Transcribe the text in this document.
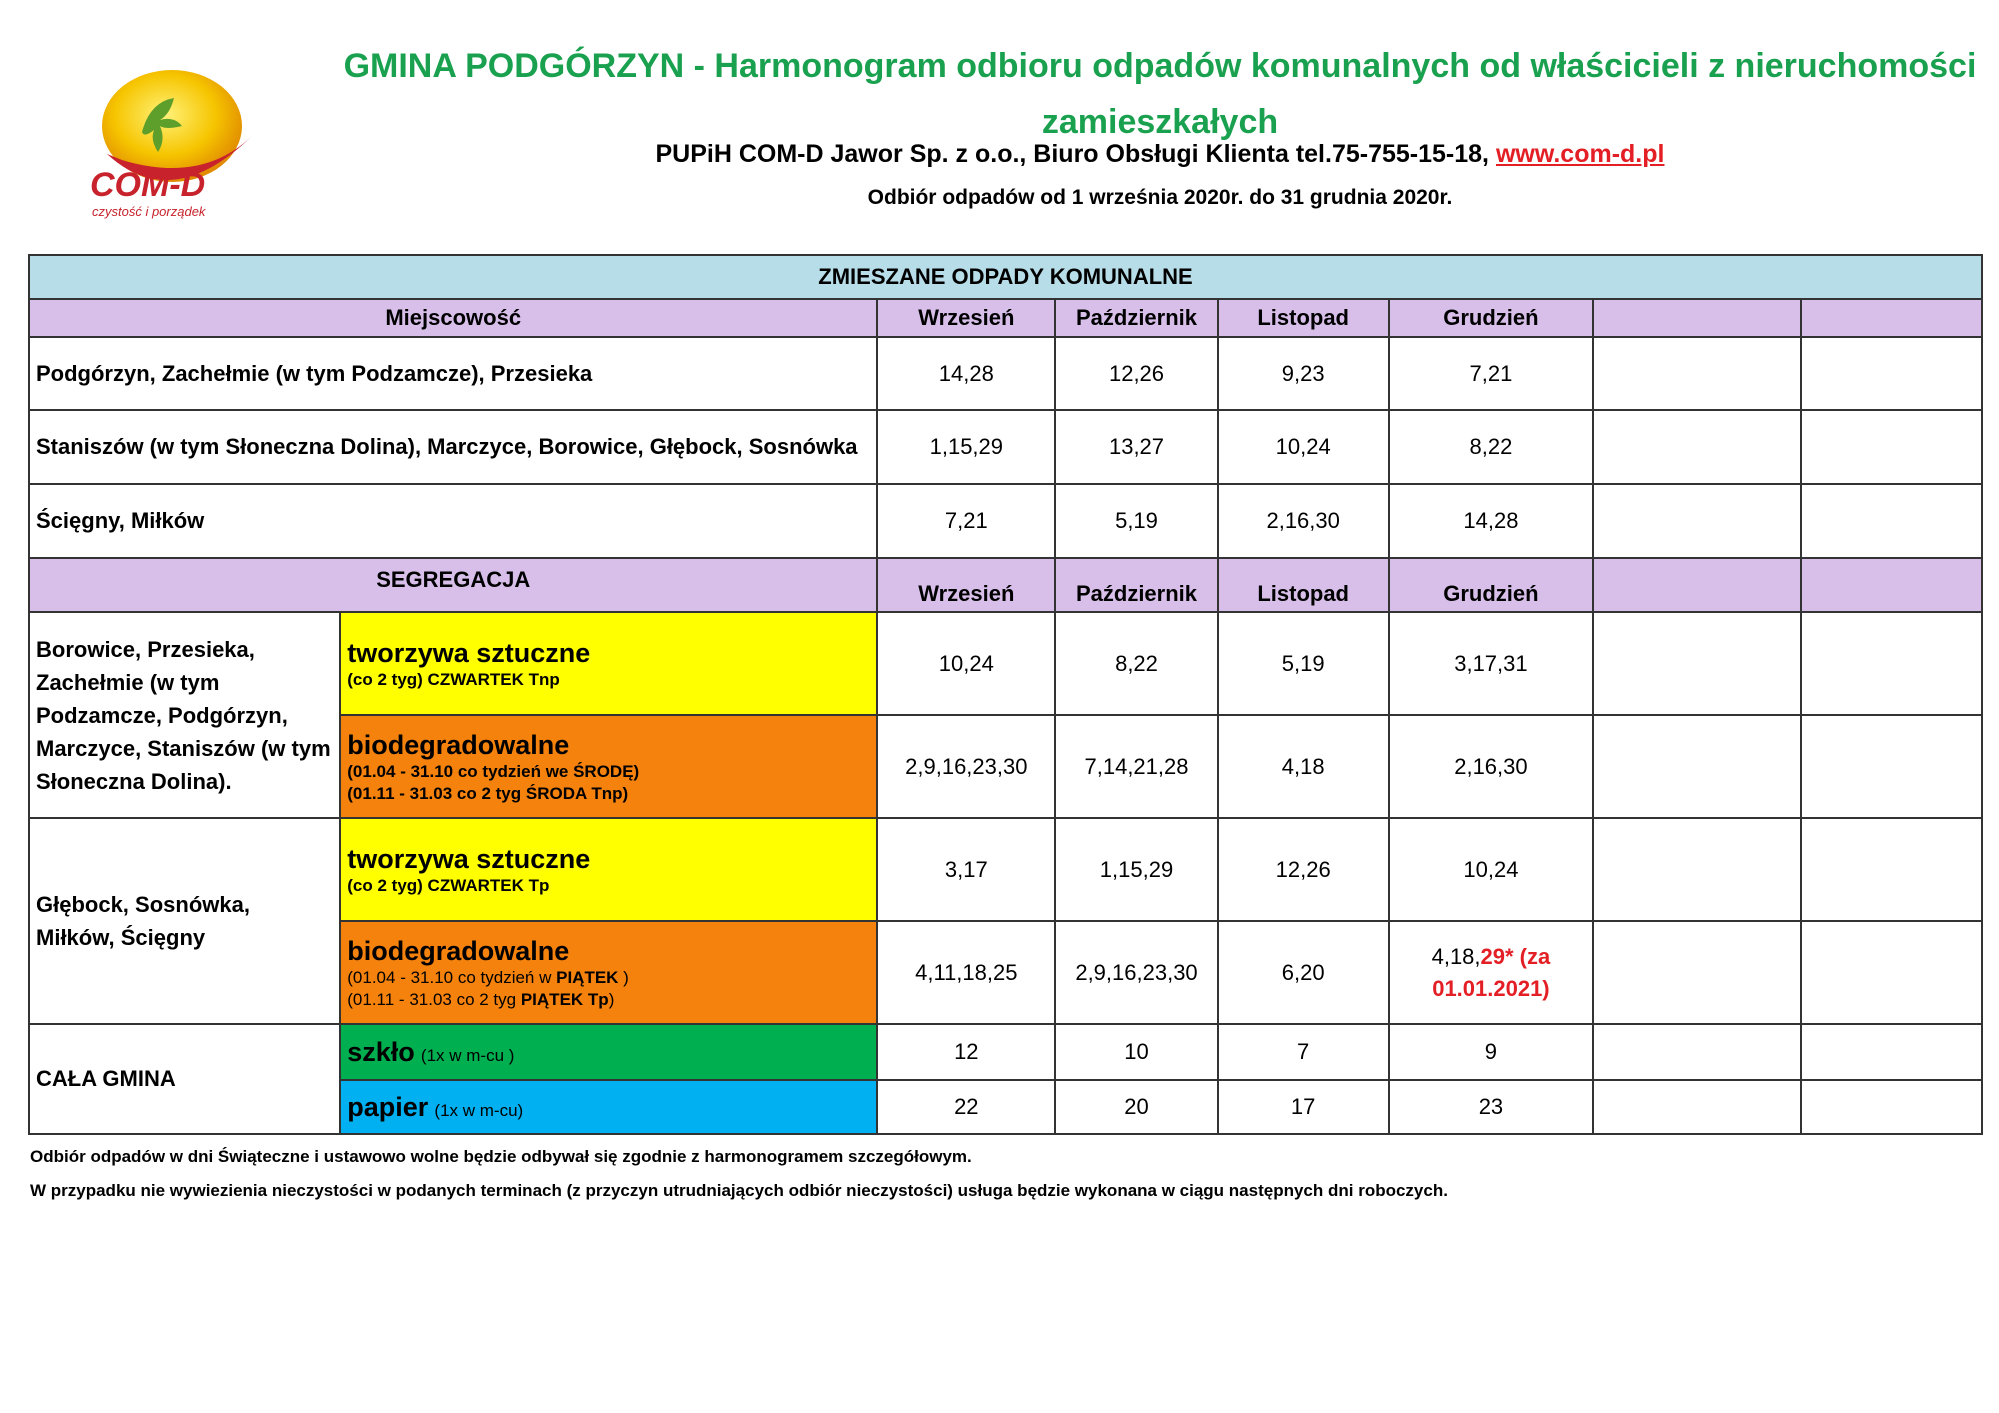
COM-D
czystość i porządek
GMINA PODGÓRZYN - Harmonogram odbioru odpadów komunalnych od właścicieli z nieruchomości
zamieszkałych
PUPiH COM-D Jawor Sp. z o.o., Biuro Obsługi Klienta tel.75-755-15-18, www.com-d.pl
Odbiór odpadów od 1 września 2020r. do 31 grudnia 2020r.
ZMIESZANE ODPADY KOMUNALNE							
Miejscowość		Wrzesień	Październik	Listopad	Grudzień		
Podgórzyn, Zachełmie (w tym Podzamcze), Przesieka		14,28	12,26	9,23	7,21		
Staniszów (w tym Słoneczna Dolina), Marczyce, Borowice, Głębock, Sosnówka		1,15,29	13,27	10,24	8,22		
Ścięgny, Miłków		7,21	5,19	2,16,30	14,28		
SEGREGACJA		Wrzesień	Październik	Listopad	Grudzień		
Borowice, Przesieka, Zachełmie (w tym Podzamcze, Podgórzyn, Marczyce, Staniszów (w tym Słoneczna Dolina).	tworzywa sztuczne
(co 2 tyg) CZWARTEK Tnp	10,24	8,22	5,19	3,17,31		

	biodegradowalne
(01.04 - 31.10 co tydzień we ŚRODĘ)
(01.11 - 31.03 co 2 tyg ŚRODA Tnp)	2,9,16,23,30	7,14,21,28	4,18	2,16,30		
Głębock, Sosnówka, Miłków, Ścięgny	tworzywa sztuczne
(co 2 tyg) CZWARTEK Tp	3,17	1,15,29	12,26	10,24		

	biodegradowalne
(01.04 - 31.10 co tydzień w PIĄTEK )
(01.11 - 31.03 co 2 tyg PIĄTEK Tp)	4,11,18,25	2,9,16,23,30	6,20	4,18,29* (za 01.01.2021)		
CAŁA GMINA	szkło (1x w m-cu )	12	10	7	9		
	papier (1x w m-cu)	22	20	17	23		
Odbiór odpadów w dni Świąteczne i ustawowo wolne będzie odbywał się zgodnie z harmonogramem szczegółowym.
W przypadku nie wywiezienia nieczystości w podanych terminach (z przyczyn utrudniających odbiór nieczystości) usługa będzie wykonana w ciągu następnych dni roboczych.
